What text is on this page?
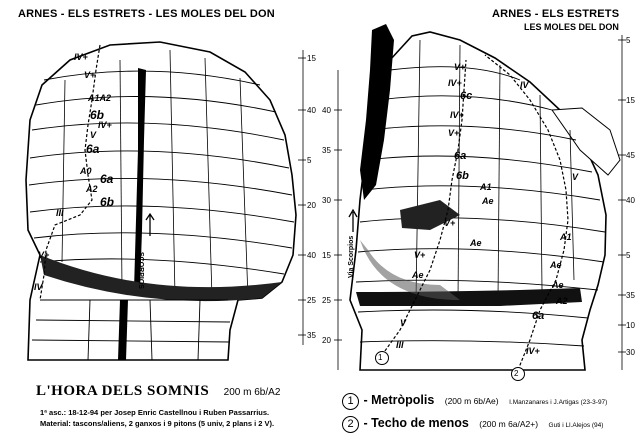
ARNES - ELS ESTRETS - LES MOLES DEL DON
IV+
V+
A1A2
6b
IV+
V
6a
A0
6a
A2
6b
III
V+
IV	SCORPIOS
15
40
5
20
40
25
35
ARNES - ELS ESTRETS
LES MOLES DEL DON
V+
IV+
6c
IV+
V+
6a
IV
6b
A1
Ae
V+
Ae
A1
V
V+
Ae
Ae
Ae
A2
6a
V
IV+
III
Via Scorpios
1
2
40
35
30
15
25
20
5
15
45
40
5
35
10
30
L'HORA DELS SOMNIS 200 m 6b/A2
1ª asc.: 18-12-94 per Josep Enric Castellnou i Ruben Passarrius.
Material: tascons/aliens, 2 ganxos i 9 pitons (5 univ, 2 plans i 2 V).
1 - Metròpolis (200 m 6b/Ae) I.Manzanares i J.Artigas (23-3-97)
2 - Techo de menos (200 m 6a/A2+) Guti i Ll.Alejos (94)
